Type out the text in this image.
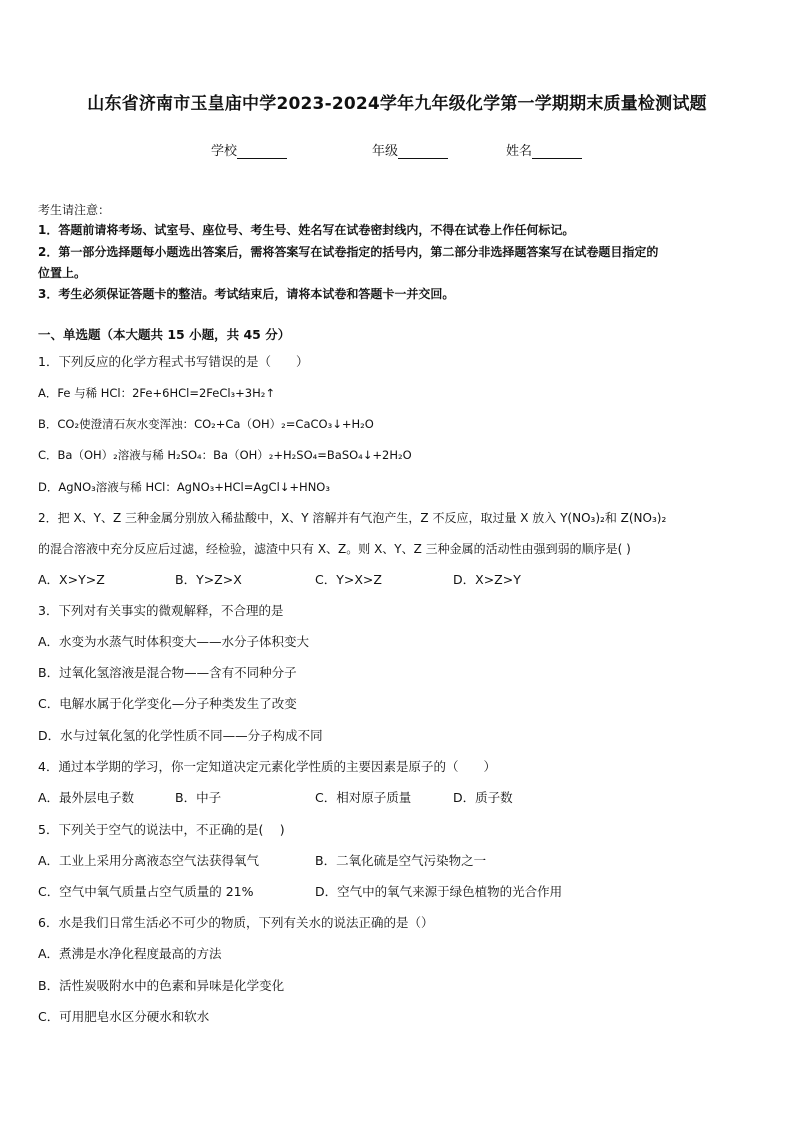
山东省济南市玉皇庙中学2023-2024学年九年级化学第一学期期末质量检测试题
学校	年级	姓名
考生请注意：
1．答题前请将考场、试室号、座位号、考生号、姓名写在试卷密封线内，不得在试卷上作任何标记。
2．第一部分选择题每小题选出答案后，需将答案写在试卷指定的括号内，第二部分非选择题答案写在试卷题目指定的
位置上。
3．考生必须保证答题卡的整洁。考试结束后，请将本试卷和答题卡一并交回。
一、单选题（本大题共 15 小题，共 45 分）
1．下列反应的化学方程式书写错误的是（　　）
A．Fe 与稀 HCl：2Fe+6HCl=2FeCl₃+3H₂↑
B．CO₂使澄清石灰水变浑浊：CO₂+Ca（OH）₂=CaCO₃↓+H₂O
C．Ba（OH）₂溶液与稀 H₂SO₄：Ba（OH）₂+H₂SO₄=BaSO₄↓+2H₂O
D．AgNO₃溶液与稀 HCl：AgNO₃+HCl=AgCl↓+HNO₃
2．把 X、Y、Z 三种金属分别放入稀盐酸中，X、Y 溶解并有气泡产生，Z 不反应，取过量 X 放入 Y(NO₃)₂和 Z(NO₃)₂
的混合溶液中充分反应后过滤，经检验，滤渣中只有 X、Z。则 X、Y、Z 三种金属的活动性由强到弱的顺序是( )
A．X>Y>Z	B．Y>Z>X	C．Y>X>Z	D．X>Z>Y
3．下列对有关事实的微观解释，不合理的是
A．水变为水蒸气时体积变大——水分子体积变大
B．过氧化氢溶液是混合物——含有不同种分子
C．电解水属于化学变化—分子种类发生了改变
D．水与过氧化氢的化学性质不同——分子构成不同
4．通过本学期的学习，你一定知道决定元素化学性质的主要因素是原子的（　　）
A．最外层电子数	B．中子	C．相对原子质量	D．质子数
5．下列关于空气的说法中，不正确的是(　 )
A．工业上采用分离液态空气法获得氧气	B．二氧化硫是空气污染物之一
C．空气中氧气质量占空气质量的 21%	D．空气中的氧气来源于绿色植物的光合作用
6．水是我们日常生活必不可少的物质，下列有关水的说法正确的是（）
A．煮沸是水净化程度最高的方法
B．活性炭吸附水中的色素和异味是化学变化
C．可用肥皂水区分硬水和软水
